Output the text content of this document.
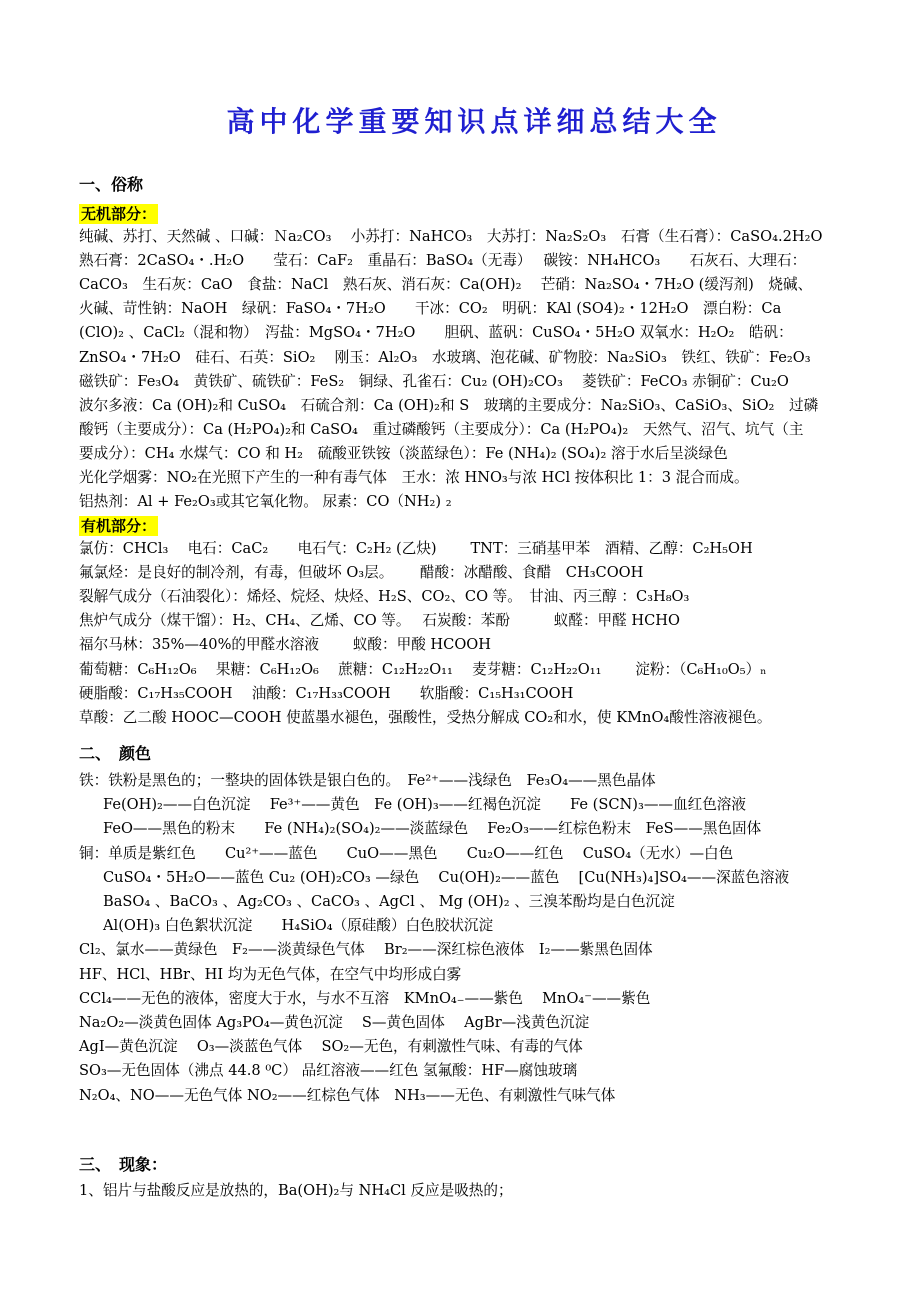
高中化学重要知识点详细总结大全
一、俗称
无机部分：
纯碱、苏打、天然碱 、口碱：Ｎa₂CO₃　 小苏打：NaHCO₃　大苏打：Na₂S₂O₃　石膏（生石膏）：CaSO₄.2H₂O
熟石膏：2CaSO₄・.H₂O　　莹石：CaF₂　重晶石：BaSO₄（无毒）　 碳铵：NH₄HCO₃　　石灰石、大理石：
CaCO₃　生石灰：CaO　食盐：NaCl　熟石灰、消石灰：Ca(OH)₂　 芒硝：Na₂SO₄・7H₂O (缓泻剂)　烧碱、
火碱、苛性钠：NaOH　绿矾：FaSO₄・7H₂O　　干冰：CO₂　明矾：KAl (SO4)₂・12H₂O　漂白粉：Ca
(ClO)₂ 、CaCl₂（混和物）　泻盐：MgSO₄・7H₂O　　胆矾、蓝矾：CuSO₄・5H₂O 双氧水：H₂O₂　皓矾：
ZnSO₄・7H₂O　硅石、石英：SiO₂　 刚玉：Al₂O₃　水玻璃、泡花碱、矿物胶：Na₂SiO₃　铁红、铁矿：Fe₂O₃
磁铁矿：Fe₃O₄　黄铁矿、硫铁矿：FeS₂　铜绿、孔雀石：Cu₂ (OH)₂CO₃　 菱铁矿：FeCO₃ 赤铜矿：Cu₂O
波尔多液：Ca (OH)₂和 CuSO₄　石硫合剂：Ca (OH)₂和 S　玻璃的主要成分：Na₂SiO₃、CaSiO₃、SiO₂　过磷
酸钙（主要成分）：Ca (H₂PO₄)₂和 CaSO₄　重过磷酸钙（主要成分）：Ca (H₂PO₄)₂　天然气、沼气、坑气（主
要成分）：CH₄ 水煤气：CO 和 H₂　硫酸亚铁铵（淡蓝绿色）：Fe (NH₄)₂ (SO₄)₂ 溶于水后呈淡绿色
光化学烟雾：NO₂在光照下产生的一种有毒气体　王水：浓 HNO₃与浓 HCl 按体积比 1：3 混合而成。
铝热剂：Al + Fe₂O₃或其它氧化物。 尿素：CO（NH₂) ₂
有机部分：
氯仿：CHCl₃　 电石：CaC₂　　电石气：C₂H₂ (乙炔)　　 TNT：三硝基甲苯　酒精、乙醇：C₂H₅OH
氟氯烃：是良好的制冷剂，有毒，但破坏 O₃层。　　 醋酸：冰醋酸、食醋　CH₃COOH
裂解气成分（石油裂化）：烯烃、烷烃、炔烃、H₂S、CO₂、CO 等。　甘油、丙三醇 ：C₃H₈O₃
焦炉气成分（煤干馏）：H₂、CH₄、乙烯、CO 等。　 石炭酸：苯酚　　　蚁醛：甲醛 HCHO
福尔马林：35%—40%的甲醛水溶液　　 蚁酸：甲酸 HCOOH
葡萄糖：C₆H₁₂O₆　 果糖：C₆H₁₂O₆　 蔗糖：C₁₂H₂₂O₁₁　 麦芽糖：C₁₂H₂₂O₁₁　　 淀粉：（C₆H₁₀O₅）ₙ
硬脂酸：C₁₇H₃₅COOH　 油酸：C₁₇H₃₃COOH　　软脂酸：C₁₅H₃₁COOH
草酸：乙二酸 HOOC—COOH 使蓝墨水褪色，强酸性，受热分解成 CO₂和水，使 KMnO₄酸性溶液褪色。
二、　颜色
铁：铁粉是黑色的；一整块的固体铁是银白色的。　Fe²⁺——浅绿色　Fe₃O₄——黑色晶体
Fe(OH)₂——白色沉淀　 Fe³⁺——黄色　Fe (OH)₃——红褐色沉淀　　Fe (SCN)₃——血红色溶液
FeO——黑色的粉末　　Fe (NH₄)₂(SO₄)₂——淡蓝绿色　 Fe₂O₃——红棕色粉末　FeS——黑色固体
铜：单质是紫红色　　Cu²⁺——蓝色　　CuO——黑色　　Cu₂O——红色　 CuSO₄（无水）—白色
CuSO₄・5H₂O——蓝色 Cu₂ (OH)₂CO₃ —绿色　 Cu(OH)₂——蓝色　 [Cu(NH₃)₄]SO₄——深蓝色溶液
BaSO₄ 、BaCO₃ 、Ag₂CO₃ 、CaCO₃ 、AgCl 、 Mg (OH)₂ 、三溴苯酚均是白色沉淀
Al(OH)₃ 白色絮状沉淀　　H₄SiO₄（原硅酸）白色胶状沉淀
Cl₂、氯水——黄绿色　F₂——淡黄绿色气体　 Br₂——深红棕色液体　I₂——紫黑色固体
HF、HCl、HBr、HI 均为无色气体，在空气中均形成白雾
CCl₄——无色的液体，密度大于水，与水不互溶　KMnO₄₋——紫色　 MnO₄⁻——紫色
Na₂O₂—淡黄色固体 Ag₃PO₄—黄色沉淀　 S—黄色固体　 AgBr—浅黄色沉淀
AgI—黄色沉淀　 O₃—淡蓝色气体　 SO₂—无色，有刺激性气味、有毒的气体
SO₃—无色固体（沸点 44.8 ⁰C） 品红溶液——红色 氢氟酸：HF—腐蚀玻璃
N₂O₄、NO——无色气体 NO₂——红棕色气体　NH₃——无色、有刺激性气味气体
三、　现象：
1、铝片与盐酸反应是放热的，Ba(OH)₂与 NH₄Cl 反应是吸热的；
